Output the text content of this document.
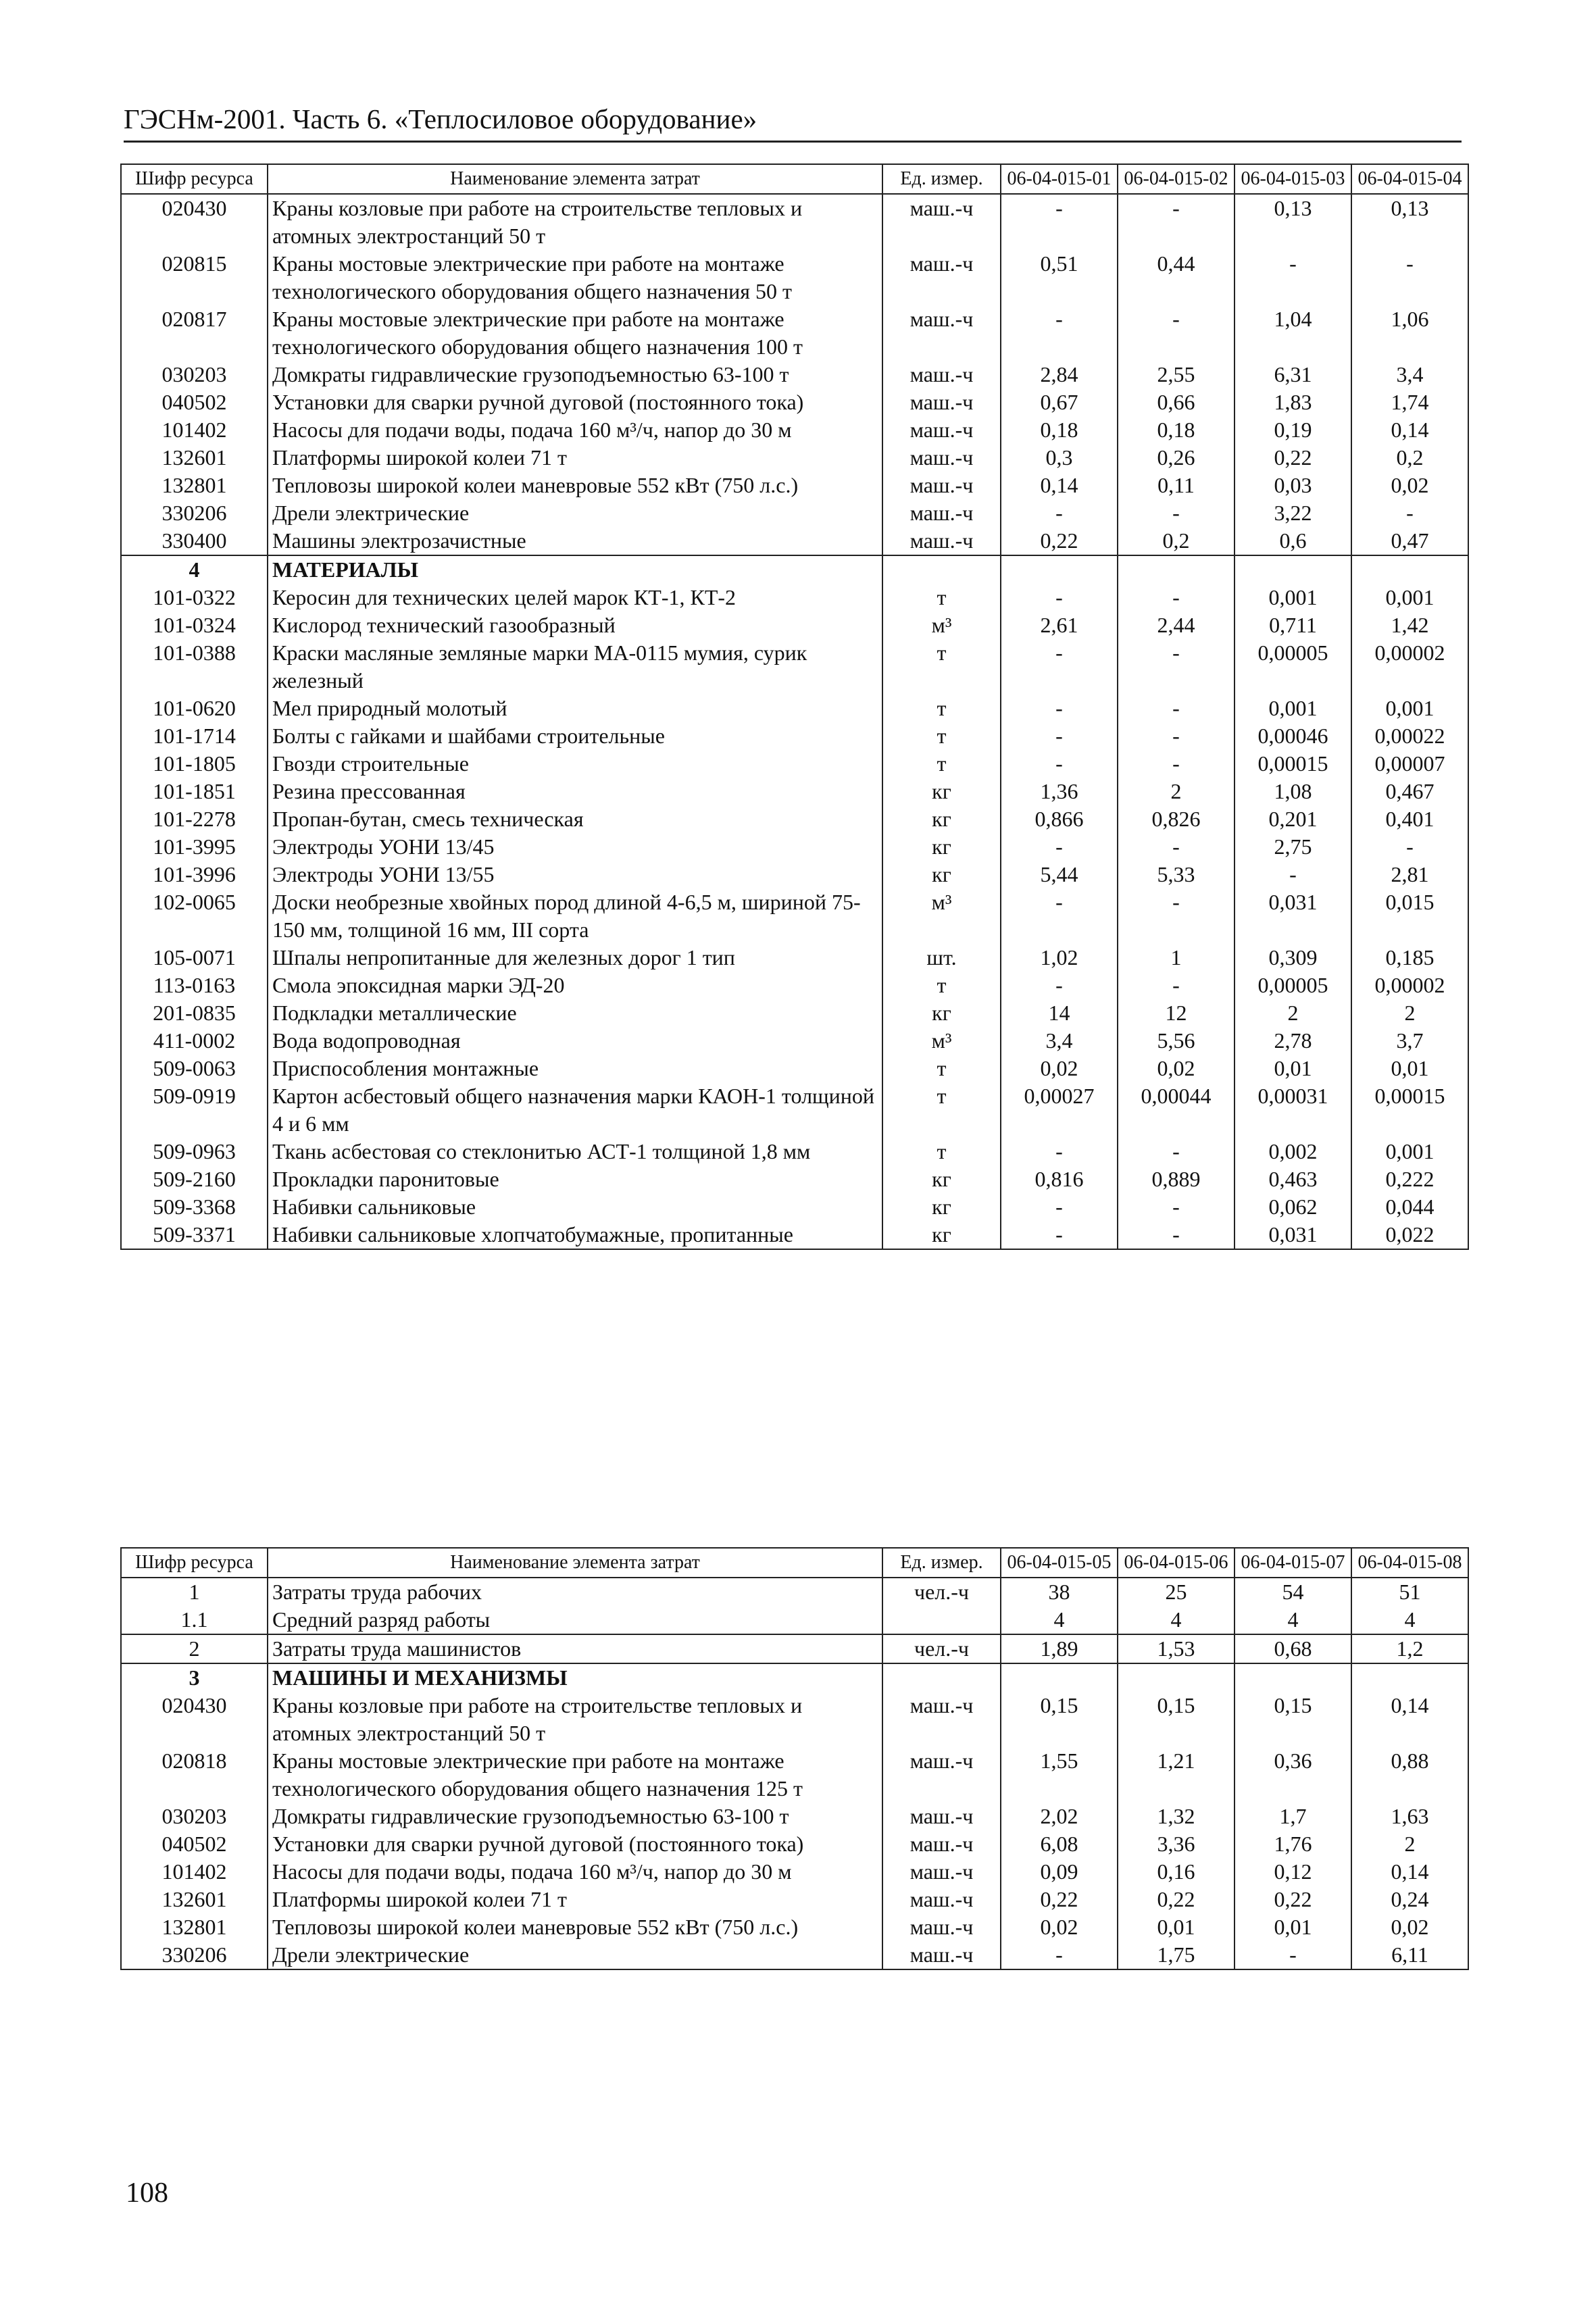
ГЭСНм-2001. Часть 6. «Теплосиловое оборудование»
Шифр ресурса	Наименование элемента затрат	Ед. измер.	06-04-015-01	06-04-015-02	06-04-015-03	06-04-015-04
020430	Краны козловые при работе на строительстве тепловых и атомных электростанций 50 т	маш.-ч	-	-	0,13	0,13
020815	Краны мостовые электрические при работе на монтаже технологического оборудования общего назначения 50 т	маш.-ч	0,51	0,44	-	-
020817	Краны мостовые электрические при работе на монтаже технологического оборудования общего назначения 100 т	маш.-ч	-	-	1,04	1,06
030203	Домкраты гидравлические грузоподъемностью 63-100 т	маш.-ч	2,84	2,55	6,31	3,4
040502	Установки для сварки ручной дуговой (постоянного тока)	маш.-ч	0,67	0,66	1,83	1,74
101402	Насосы для подачи воды, подача 160 м³/ч, напор до 30 м	маш.-ч	0,18	0,18	0,19	0,14
132601	Платформы широкой колеи 71 т	маш.-ч	0,3	0,26	0,22	0,2
132801	Тепловозы широкой колеи маневровые 552 кВт (750 л.с.)	маш.-ч	0,14	0,11	0,03	0,02
330206	Дрели электрические	маш.-ч	-	-	3,22	-
330400	Машины электрозачистные	маш.-ч	0,22	0,2	0,6	0,47
4	МАТЕРИАЛЫ					
101-0322	Керосин для технических целей марок КТ-1, КТ-2	т	-	-	0,001	0,001
101-0324	Кислород технический газообразный	м³	2,61	2,44	0,711	1,42
101-0388	Краски масляные земляные марки МА-0115 мумия, сурик железный	т	-	-	0,00005	0,00002
101-0620	Мел природный молотый	т	-	-	0,001	0,001
101-1714	Болты с гайками и шайбами строительные	т	-	-	0,00046	0,00022
101-1805	Гвозди строительные	т	-	-	0,00015	0,00007
101-1851	Резина прессованная	кг	1,36	2	1,08	0,467
101-2278	Пропан-бутан, смесь техническая	кг	0,866	0,826	0,201	0,401
101-3995	Электроды УОНИ 13/45	кг	-	-	2,75	-
101-3996	Электроды УОНИ 13/55	кг	5,44	5,33	-	2,81
102-0065	Доски необрезные хвойных пород длиной 4-6,5 м, шириной 75-150 мм, толщиной 16 мм, III сорта	м³	-	-	0,031	0,015
105-0071	Шпалы непропитанные для железных дорог 1 тип	шт.	1,02	1	0,309	0,185
113-0163	Смола эпоксидная марки ЭД-20	т	-	-	0,00005	0,00002
201-0835	Подкладки металлические	кг	14	12	2	2
411-0002	Вода водопроводная	м³	3,4	5,56	2,78	3,7
509-0063	Приспособления монтажные	т	0,02	0,02	0,01	0,01
509-0919	Картон асбестовый общего назначения марки КАОН-1 толщиной 4 и 6 мм	т	0,00027	0,00044	0,00031	0,00015
509-0963	Ткань асбестовая со стеклонитью АСТ-1 толщиной 1,8 мм	т	-	-	0,002	0,001
509-2160	Прокладки паронитовые	кг	0,816	0,889	0,463	0,222
509-3368	Набивки сальниковые	кг	-	-	0,062	0,044
509-3371	Набивки сальниковые хлопчатобумажные, пропитанные	кг	-	-	0,031	0,022
Шифр ресурса	Наименование элемента затрат	Ед. измер.	06-04-015-05	06-04-015-06	06-04-015-07	06-04-015-08
1	Затраты труда рабочих	чел.-ч	38	25	54	51
1.1	Средний разряд работы		4	4	4	4
2	Затраты труда машинистов	чел.-ч	1,89	1,53	0,68	1,2
3	МАШИНЫ И МЕХАНИЗМЫ					
020430	Краны козловые при работе на строительстве тепловых и атомных электростанций 50 т	маш.-ч	0,15	0,15	0,15	0,14
020818	Краны мостовые электрические при работе на монтаже технологического оборудования общего назначения 125 т	маш.-ч	1,55	1,21	0,36	0,88
030203	Домкраты гидравлические грузоподъемностью 63-100 т	маш.-ч	2,02	1,32	1,7	1,63
040502	Установки для сварки ручной дуговой (постоянного тока)	маш.-ч	6,08	3,36	1,76	2
101402	Насосы для подачи воды, подача 160 м³/ч, напор до 30 м	маш.-ч	0,09	0,16	0,12	0,14
132601	Платформы широкой колеи 71 т	маш.-ч	0,22	0,22	0,22	0,24
132801	Тепловозы широкой колеи маневровые 552 кВт (750 л.с.)	маш.-ч	0,02	0,01	0,01	0,02
330206	Дрели электрические	маш.-ч	-	1,75	-	6,11
108
